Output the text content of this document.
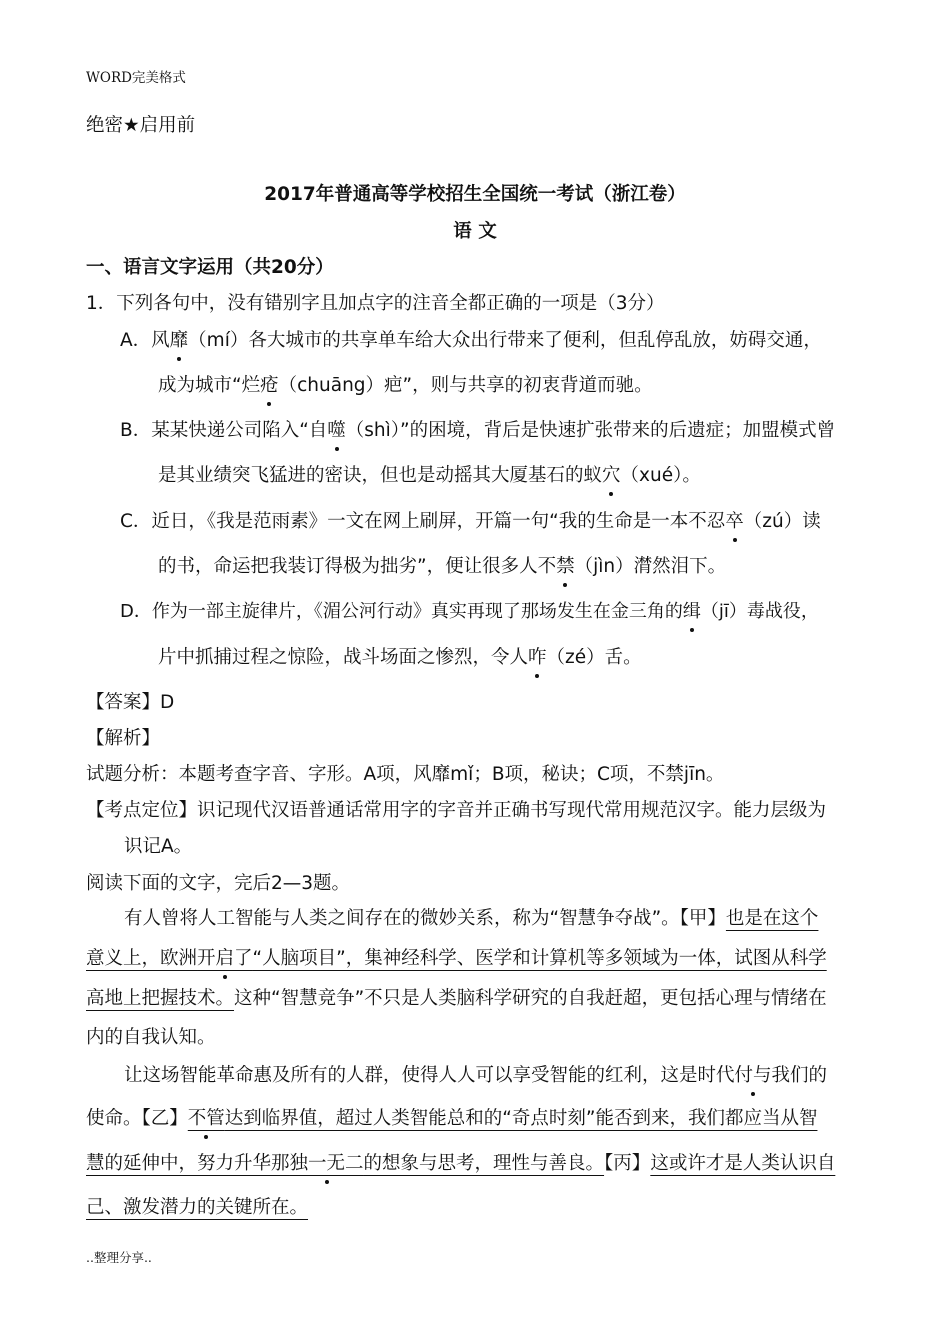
WORD完美格式
绝密★启用前
2017年普通高等学校招生全国统一考试（浙江卷）
语 文
一、语言文字运用（共20分）
1．下列各句中，没有错别字且加点字的注音全都正确的一项是（3分）
A．风靡（mí）各大城市的共享单车给大众出行带来了便利，但乱停乱放，妨碍交通，
成为城市“烂疮（chuāng）疤”，则与共享的初衷背道而驰。
B．某某快递公司陷入“自噬（shì）”的困境，背后是快速扩张带来的后遗症；加盟模式曾
是其业绩突飞猛进的密诀，但也是动摇其大厦基石的蚁穴（xué）。
C．近日，《我是范雨素》一文在网上刷屏，开篇一句“我的生命是一本不忍卒（zú）读
的书，命运把我装订得极为拙劣”，便让很多人不禁（jìn）潸然泪下。
D．作为一部主旋律片，《湄公河行动》真实再现了那场发生在金三角的缉（jī）毒战役，
片中抓捕过程之惊险，战斗场面之惨烈，令人咋（zé）舌。
【答案】D
【解析】
试题分析：本题考查字音、字形。A项，风靡mǐ；B项，秘诀；C项，不禁jīn。
【考点定位】识记现代汉语普通话常用字的字音并正确书写现代常用规范汉字。能力层级为
识记A。
阅读下面的文字，完后2—3题。
有人曾将人工智能与人类之间存在的微妙关系，称为“智慧争夺战”。【甲】也是在这个
意义上，欧洲开启了“人脑项目”，集神经科学、医学和计算机等多领域为一体，试图从科学
高地上把握技术。这种“智慧竞争”不只是人类脑科学研究的自我赶超，更包括心理与情绪在
内的自我认知。
让这场智能革命惠及所有的人群，使得人人可以享受智能的红利，这是时代付与我们的
使命。【乙】不管达到临界值，超过人类智能总和的“奇点时刻”能否到来，我们都应当从智
慧的延伸中，努力升华那独一无二的想象与思考，理性与善良。【丙】这或许才是人类认识自
己、激发潜力的关键所在。
..整理分享..
